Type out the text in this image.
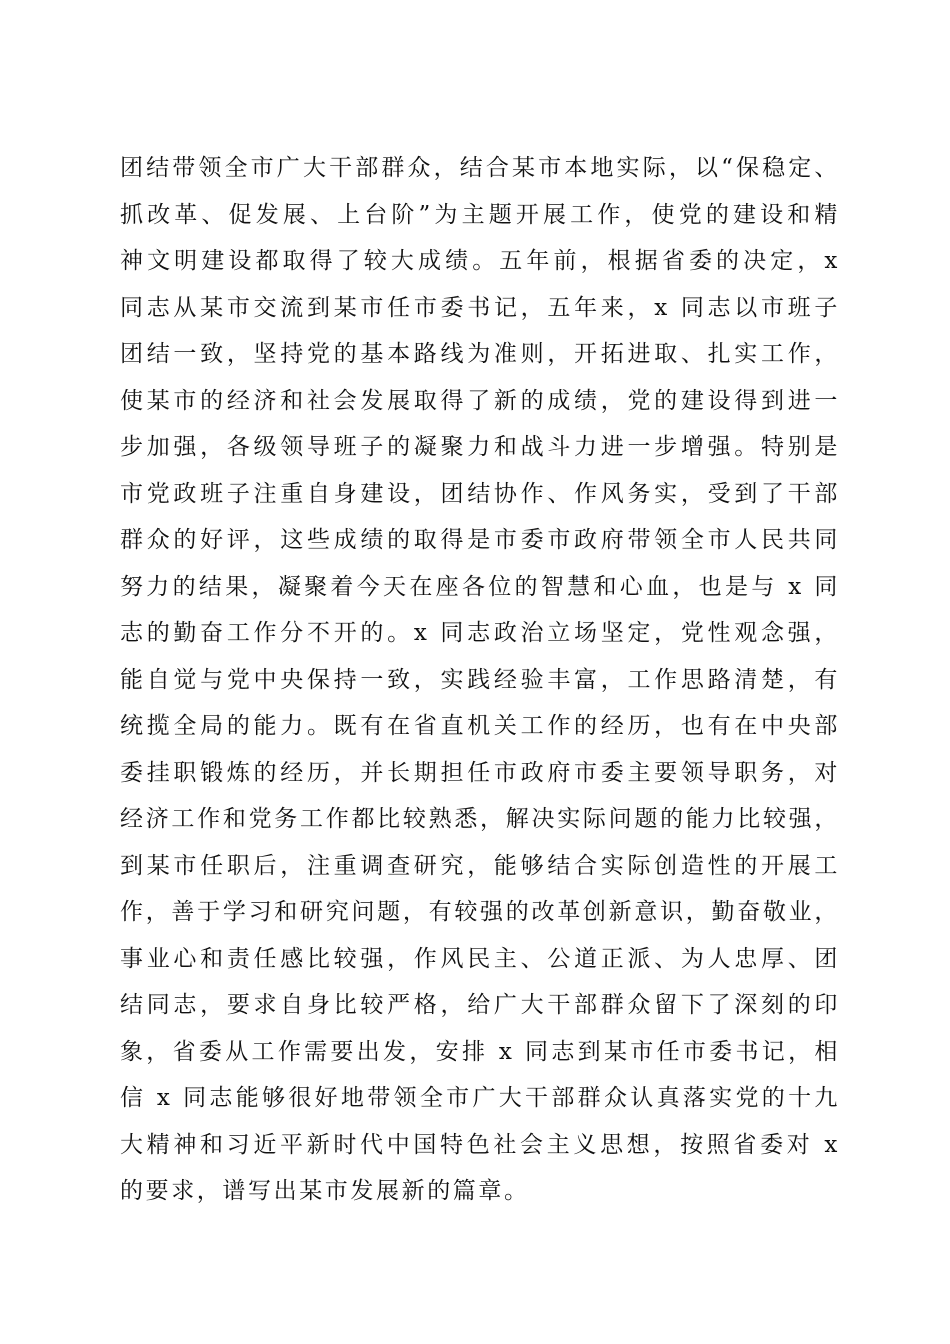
团结带领全市广大干部群众，结合某市本地实际，以“保稳定、
抓改革、促发展、上台阶”为主题开展工作，使党的建设和精
神文明建设都取得了较大成绩。五年前，根据省委的决定，x
同志从某市交流到某市任市委书记，五年来，x 同志以市班子
团结一致，坚持党的基本路线为准则，开拓进取、扎实工作，
使某市的经济和社会发展取得了新的成绩，党的建设得到进一
步加强，各级领导班子的凝聚力和战斗力进一步增强。特别是
市党政班子注重自身建设，团结协作、作风务实，受到了干部
群众的好评，这些成绩的取得是市委市政府带领全市人民共同
努力的结果，凝聚着今天在座各位的智慧和心血，也是与 x 同
志的勤奋工作分不开的。x 同志政治立场坚定，党性观念强，
能自觉与党中央保持一致，实践经验丰富，工作思路清楚，有
统揽全局的能力。既有在省直机关工作的经历，也有在中央部
委挂职锻炼的经历，并长期担任市政府市委主要领导职务，对
经济工作和党务工作都比较熟悉，解决实际问题的能力比较强，
到某市任职后，注重调查研究，能够结合实际创造性的开展工
作，善于学习和研究问题，有较强的改革创新意识，勤奋敬业，
事业心和责任感比较强，作风民主、公道正派、为人忠厚、团
结同志，要求自身比较严格，给广大干部群众留下了深刻的印
象，省委从工作需要出发，安排 x 同志到某市任市委书记，相
信 x 同志能够很好地带领全市广大干部群众认真落实党的十九
大精神和习近平新时代中国特色社会主义思想，按照省委对 x
的要求，谱写出某市发展新的篇章。
